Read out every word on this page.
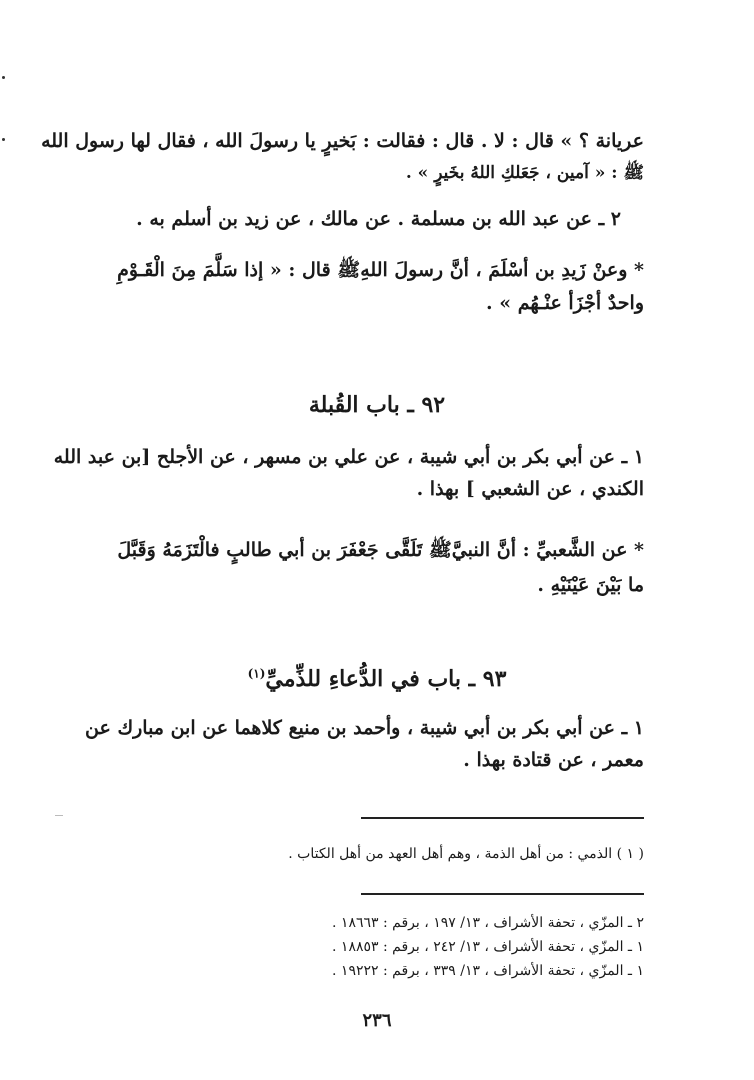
عريانة ؟ » قال : لا . قال : فقالت : بَخيرٍ يا رسولَ الله ، فقال لها رسول الله
ﷺ : « آمين ، جَعَلكِ اللهُ بخَيرٍ » .
٢ ـ عن عبد الله بن مسلمة . عن مالك ، عن زيد بن أسلم به .
* وعنْ زَيدِ بن أسْلَمَ ، أنَّ رسولَ اللهِﷺ قال : « إذا سَلَّمَ مِنَ الْقَـوْمِ
واحدٌ أجْزَأ عنْـهُم » .
٩٢ ـ باب القُبلة
١ ـ عن أبي بكر بن أبي شيبة ، عن علي بن مسهر ، عن الأجلح [بن عبد الله
الكندي ، عن الشعبي ] بهذا .
* عن الشَّعبيِّ : أنَّ النبيَّﷺ تَلَقَّى جَعْفَرَ بن أبي طالبٍ فالْتَزَمَهُ وَقَبَّلَ
ما بَيْنَ عَيْنَيْهِ .
٩٣ ـ باب في الدُّعاءِ للذِّميِّ$^{(١)}$
١ ـ عن أبي بكر بن أبي شيبة ، وأحمد بن منيع كلاهما عن ابن مبارك عن
معمر ، عن قتادة بهذا .
( ١ ) الذمي : من أهل الذمة ، وهم أهل العهد من أهل الكتاب .
٢ ـ المزّي ، تحفة الأشراف ، ١٣/ ١٩٧ ، برقم : ١٨٦٦٣ .
١ ـ المزّي ، تحفة الأشراف ، ١٣/ ٢٤٢ ، برقم : ١٨٨٥٣ .
١ ـ المزّي ، تحفة الأشراف ، ١٣/ ٣٣٩ ، برقم : ١٩٢٢٢ .
٢٣٦
